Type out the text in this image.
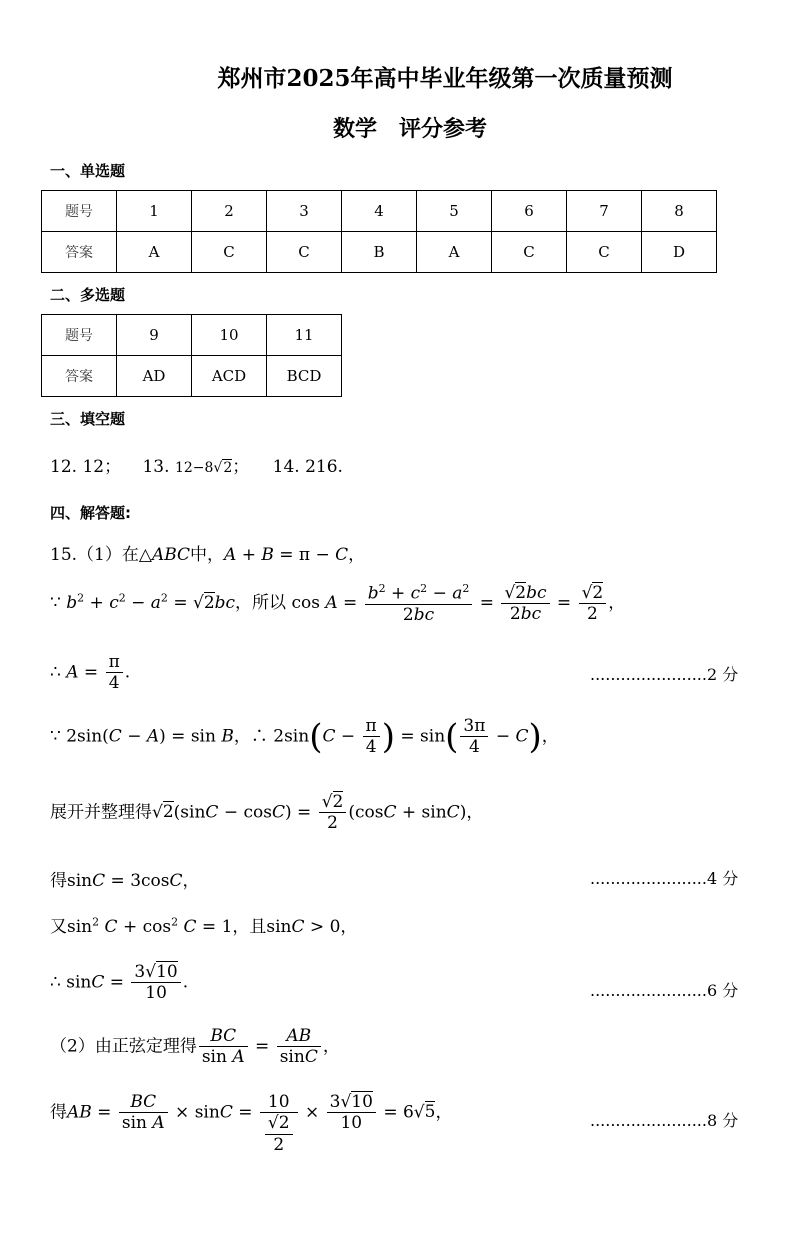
郑州市2025年高中毕业年级第一次质量预测
数学　评分参考
一、单选题
题号	1	2	3	4	5	6	7	8
答案	A	C	C	B	A	C	C	D
二、多选题
题号	9	10	11
答案	AD	ACD	BCD
三、填空题
12. 12； 13. 12−8√2； 14. 216.
四、解答题:
15.（1）在△ABC中，A + B = π − C，
∵ $b^2 + c^2 - a^2 = √2bc$，所以 $\cos A = \frac{b^2 + c^2 - a^2}{2bc} = \frac{√2bc}{2bc} = \frac{√2}{2}$ ，
∴ $A = \frac{\pi}{4}$ .	.......................2 分
∵ 2sin(C − A) = sin B，∴ $2\sin(C - \frac{\pi}{4}$ ) = $\sin( \frac{3\pi}{4} - C)$，
展开并整理得$√2(\sin C - \cos C) = \frac{√2}{2} (\cos C + \sin C)$，
得sinC = 3cosC，	.......................4 分
又$\sin^2 C + \cos^2 C = 1$，且sinC > 0，
∴ $\sin C = \frac{3√10}{10}$ .	.......................6 分
（2）由正弦定理得 $\frac{BC}{\text{sin A}} = \frac{AB}{\sin C}$ ，
得AB = $\frac{BC}{\text{sin A}} \times \sin C = \frac{10}{\frac{√2}{2}} \times \frac{3√10}{10} = 6√5$，	.......................8 分
